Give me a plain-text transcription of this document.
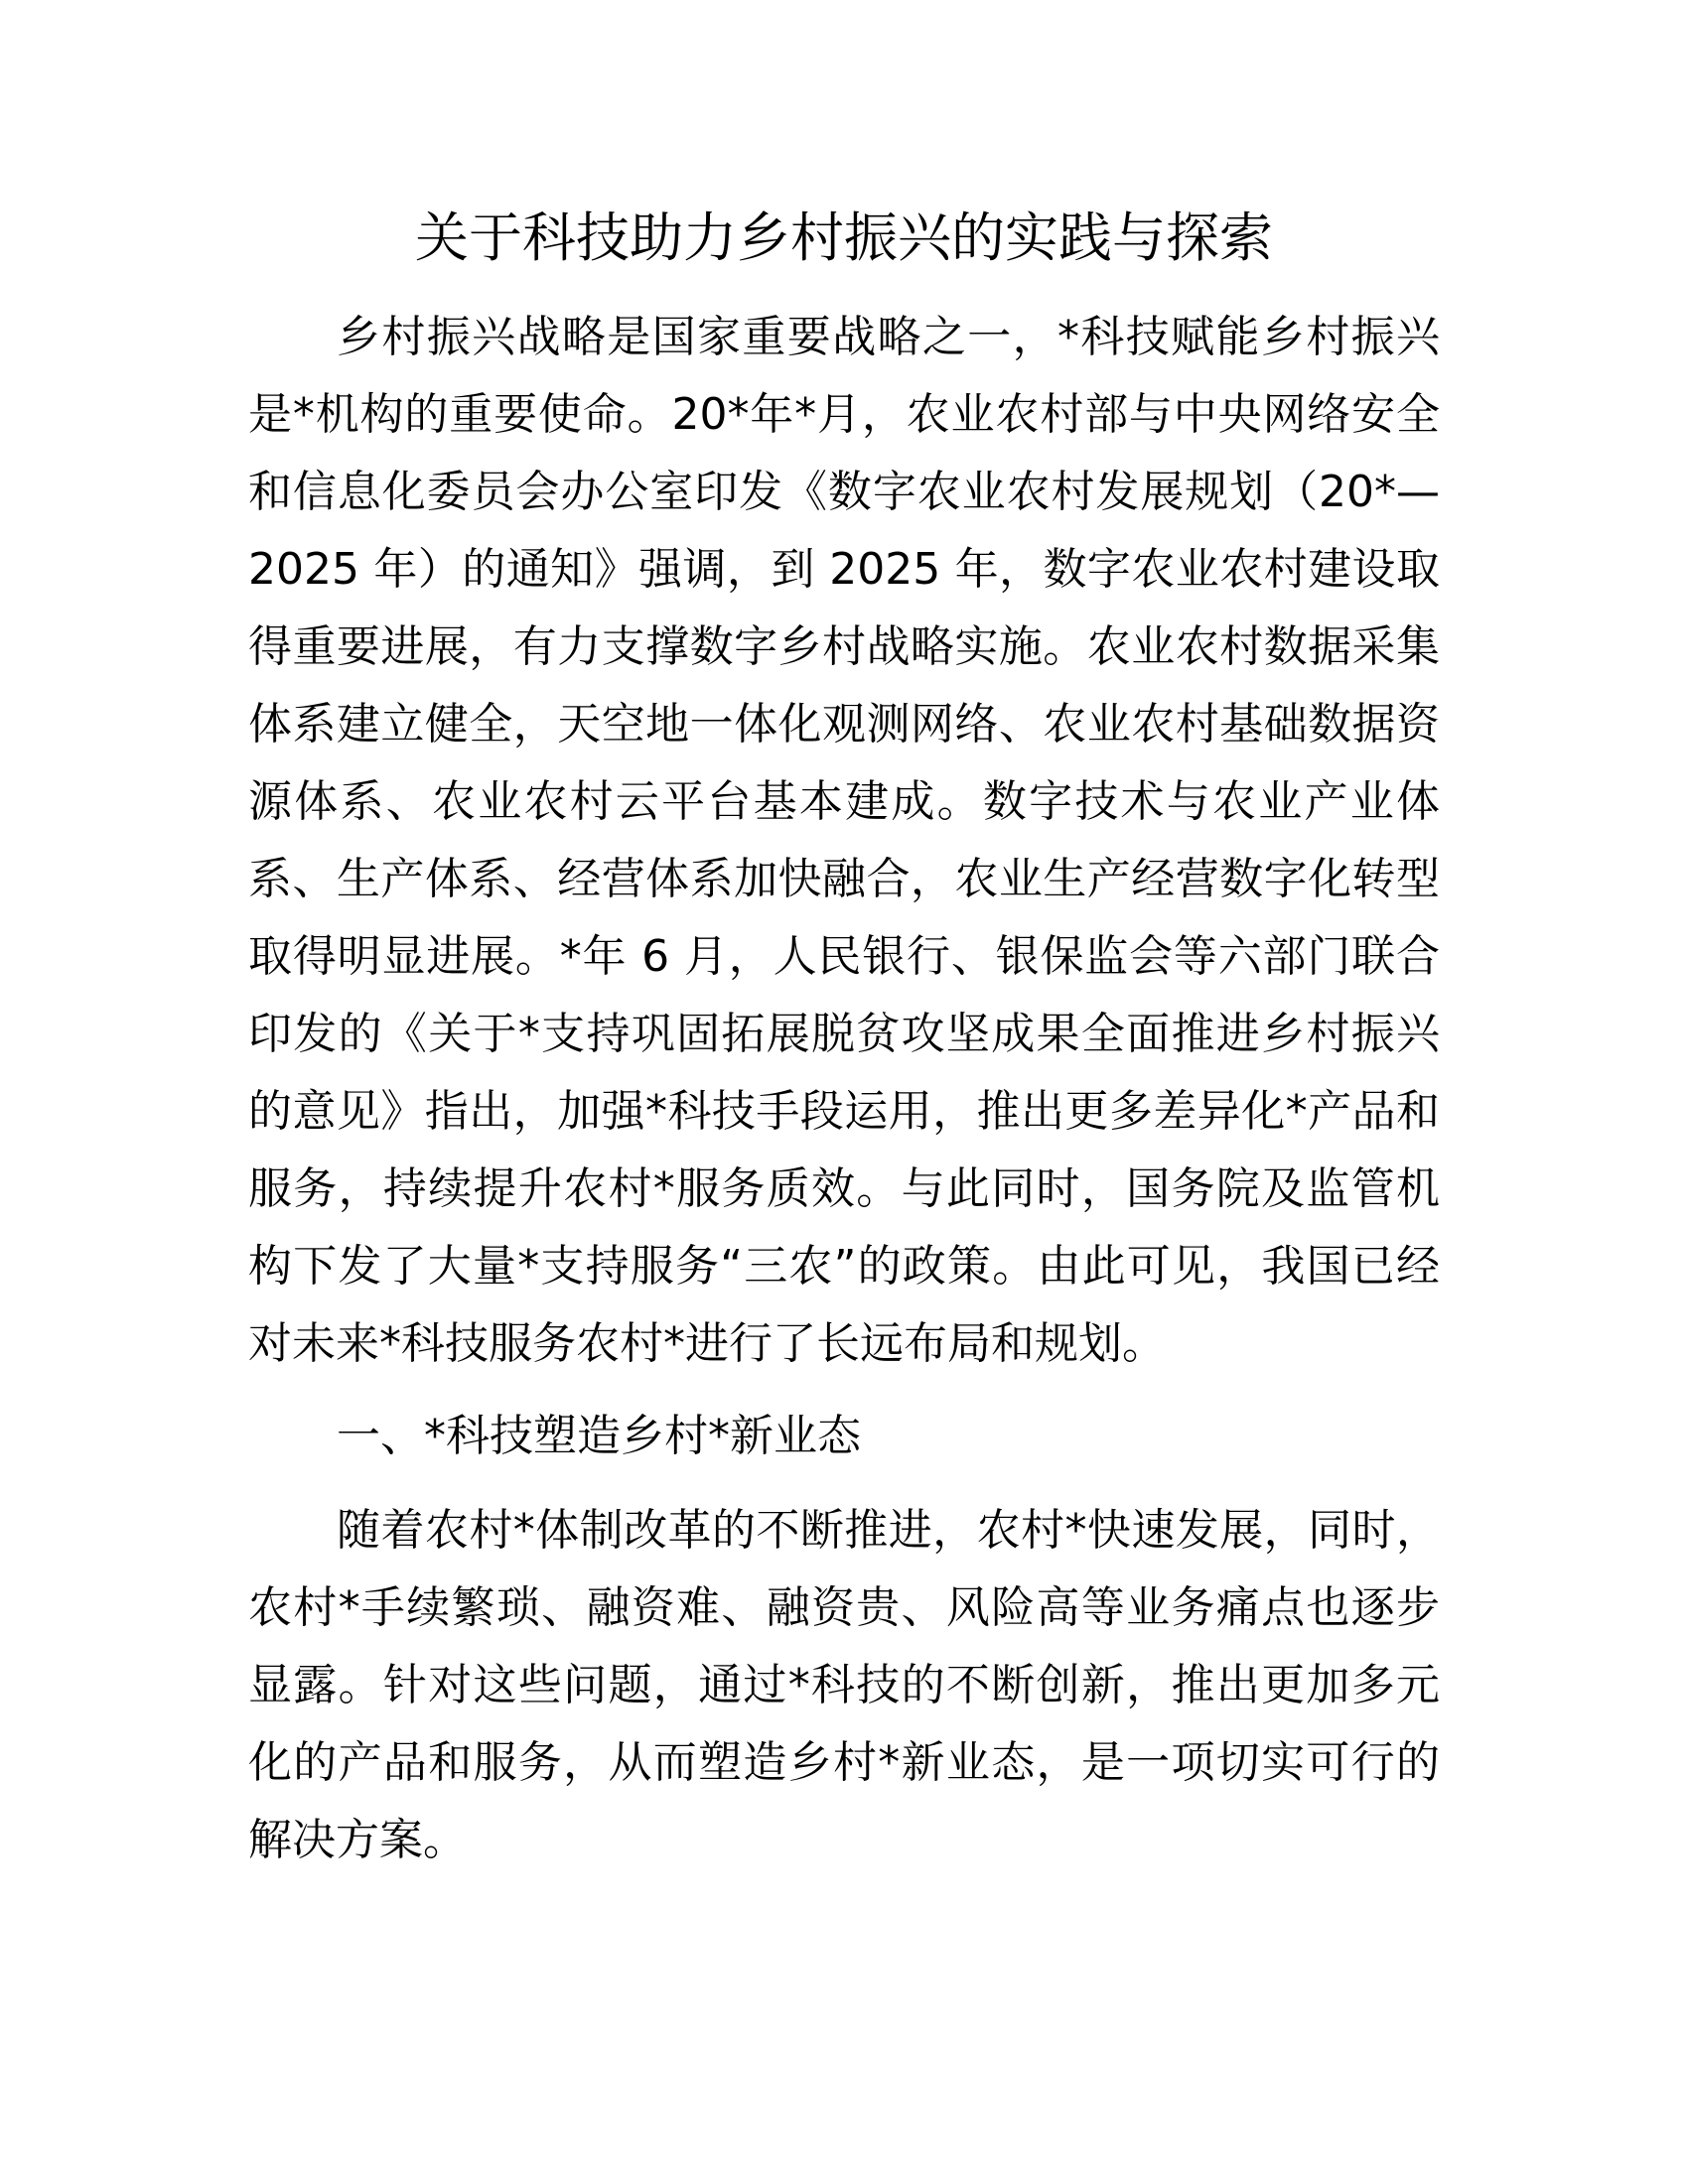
关于科技助力乡村振兴的实践与探索
乡村振兴战略是国家重要战略之一，*科技赋能乡村振兴
是*机构的重要使命。20*年*月，农业农村部与中央网络安全
和信息化委员会办公室印发《数字农业农村发展规划（20*—
2025 年）的通知》强调，到 2025 年，数字农业农村建设取
得重要进展，有力支撑数字乡村战略实施。农业农村数据采集
体系建立健全，天空地一体化观测网络、农业农村基础数据资
源体系、农业农村云平台基本建成。数字技术与农业产业体
系、生产体系、经营体系加快融合，农业生产经营数字化转型
取得明显进展。*年 6 月，人民银行、银保监会等六部门联合
印发的《关于*支持巩固拓展脱贫攻坚成果全面推进乡村振兴
的意见》指出，加强*科技手段运用，推出更多差异化*产品和
服务，持续提升农村*服务质效。与此同时，国务院及监管机
构下发了大量*支持服务“三农”的政策。由此可见，我国已经
对未来*科技服务农村*进行了长远布局和规划。
一、*科技塑造乡村*新业态
随着农村*体制改革的不断推进，农村*快速发展，同时，
农村*手续繁琐、融资难、融资贵、风险高等业务痛点也逐步
显露。针对这些问题，通过*科技的不断创新，推出更加多元
化的产品和服务，从而塑造乡村*新业态，是一项切实可行的
解决方案。
